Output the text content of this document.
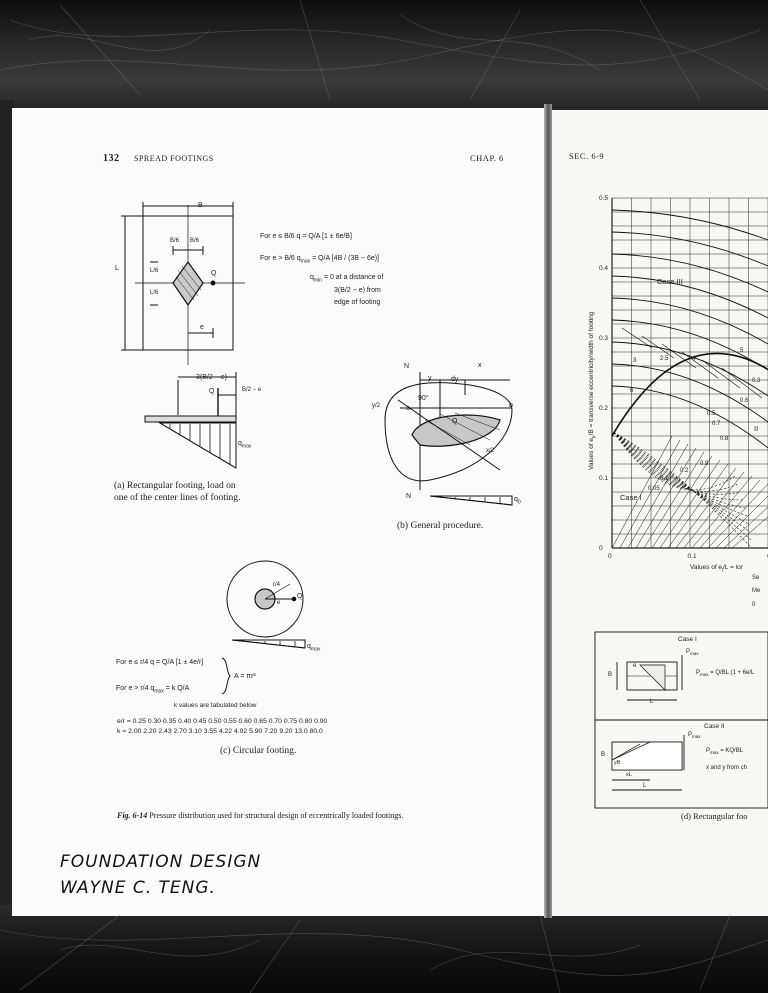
132 SPREAD FOOTINGS	CHAP. 6
B
L
B/6 B/6
L/6
L/6
Q
e
3(B/2 − e)
Q	B/2 − e
$q_{max}$
For e ≤ B/6 q = Q/A [1 ± 6e/B]
For e > B/6 $q_{max} = Q/A$ [4B / (3B − 6e)]
$q_{min} = 0$ at a distance of
3(B/2 − e) from
edge of footing
(a) Rectangular footing, load on
one of the center lines of footing.
N	x
y	dy
90°
a	b
Q
N	$q_0$
y/2
x/2
(b) General procedure.
r/4
Q
e
$q_{max}$
For e ≤ r/4 q = Q/A [1 ± 4e/r]
For e > r/4 $q_{max} = k$ Q/A
A = πr²
k values are tabulated below
e/r = 0.25 0.30 0.35 0.40 0.45 0.50 0.55 0.60 0.65 0.70 0.75 0.80 0.90
k = 2.00 2.20 2.43 2.70 3.10 3.55 4.22 4.92 5.90 7.20 9.20 13.0 80.0
(c) Circular footing.
Fig. 6-14 Pressure distribution used for structural design of eccentrically loaded footings.
FOUNDATION DESIGN
WAYNE C. TENG.
SEC. 6-9
0
0.1
0.2
0.3
0.4
0.5
0	0.1
3	2.5	4
5
6
0.3
0.5
0.6
0.7
0.8
0.9
0.2
0.1
0.05
Case III
II
Case I
Values of $e_b/B$ = transverse eccentricity/width of footing
Values of $e_l/L$ = lor
Se
Me
0
Case I
$P_{max}$
$P_{max} = Q/BL$ (1 + 6e/L
B
L
e
Case II
$P_{max}$
$P_{max} = KQ/BL$
x and y from ch
B
yB
xL
L
(d) Rectangular foo
